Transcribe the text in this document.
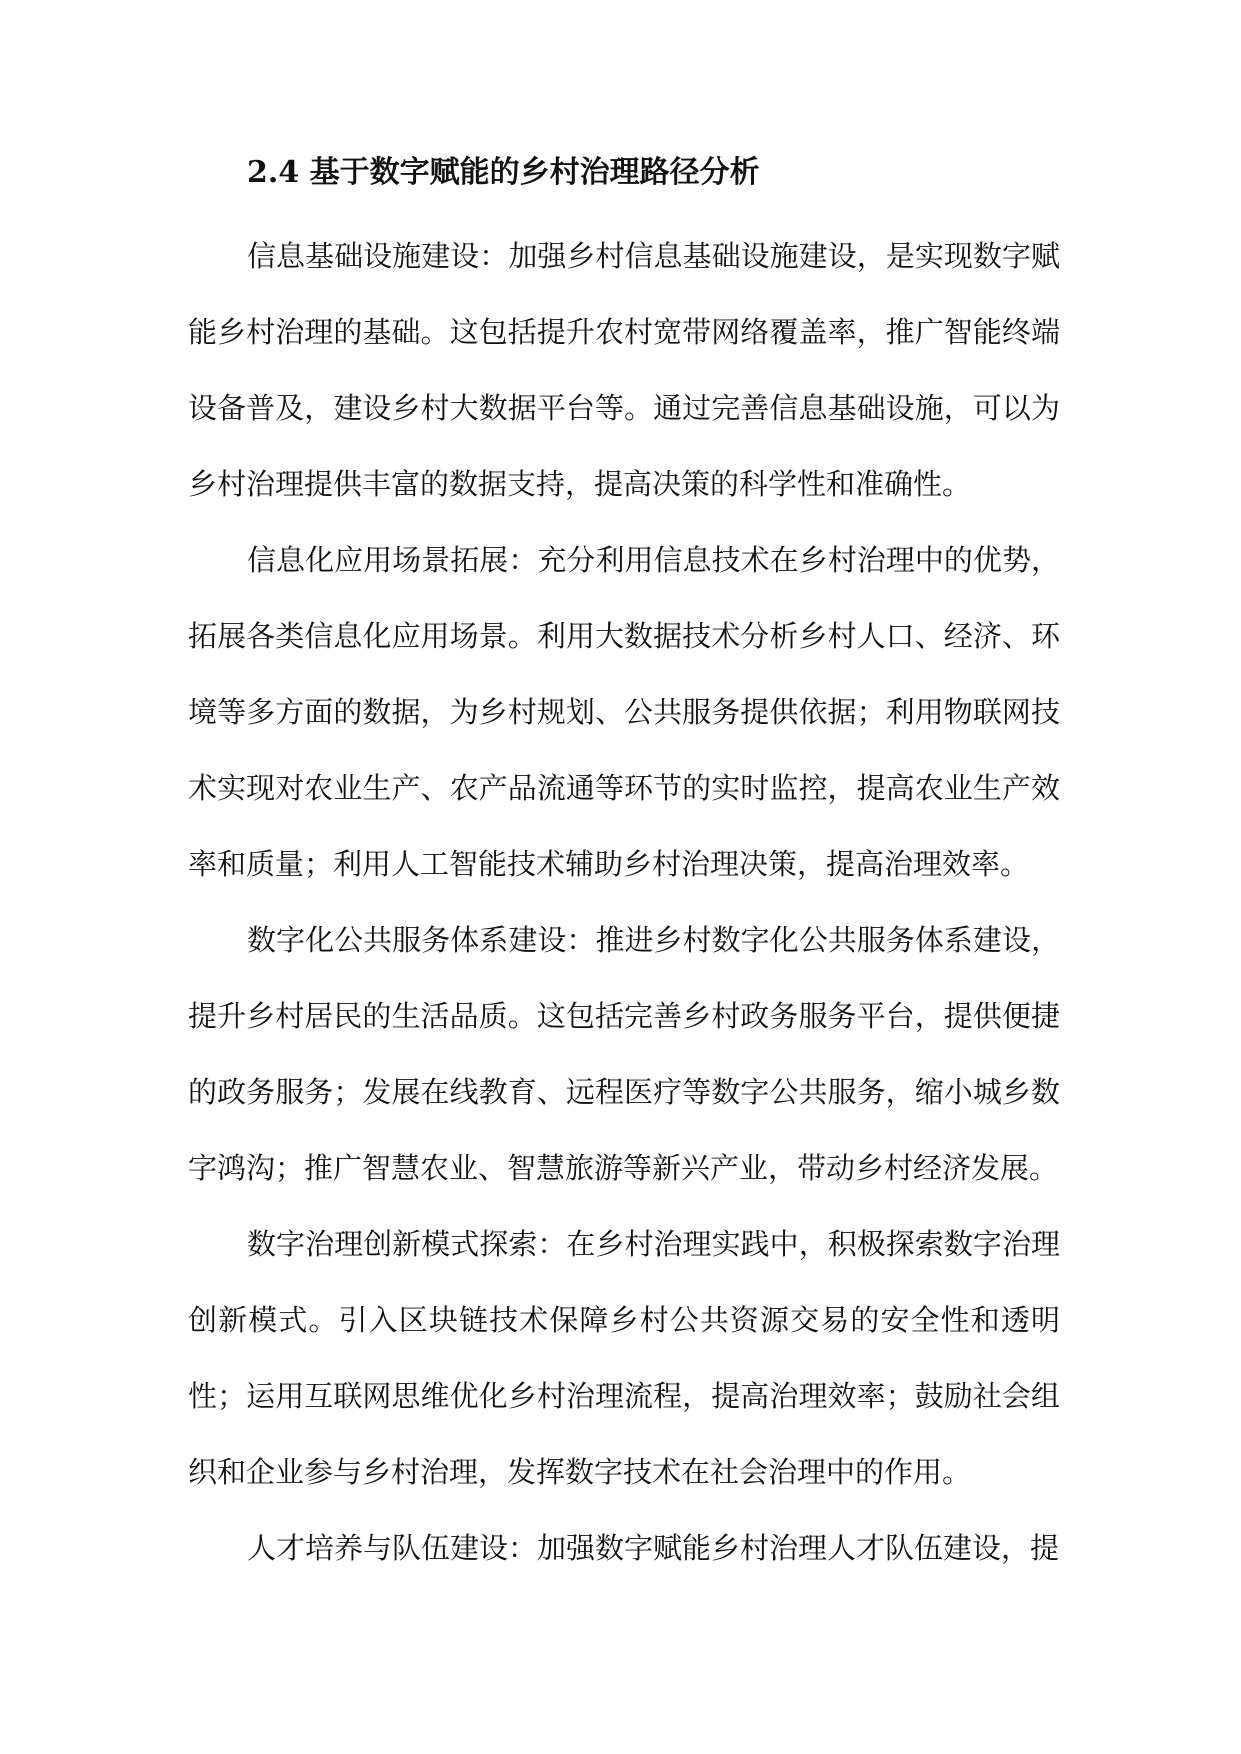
2.4 基于数字赋能的乡村治理路径分析

信息基础设施建设：加强乡村信息基础设施建设，是实现数字赋能乡村治理的基础。这包括提升农村宽带网络覆盖率，推广智能终端设备普及，建设乡村大数据平台等。通过完善信息基础设施，可以为乡村治理提供丰富的数据支持，提高决策的科学性和准确性。

信息化应用场景拓展：充分利用信息技术在乡村治理中的优势，拓展各类信息化应用场景。利用大数据技术分析乡村人口、经济、环境等多方面的数据，为乡村规划、公共服务提供依据；利用物联网技术实现对农业生产、农产品流通等环节的实时监控，提高农业生产效率和质量；利用人工智能技术辅助乡村治理决策，提高治理效率。

数字化公共服务体系建设：推进乡村数字化公共服务体系建设，提升乡村居民的生活品质。这包括完善乡村政务服务平台，提供便捷的政务服务；发展在线教育、远程医疗等数字公共服务，缩小城乡数字鸿沟；推广智慧农业、智慧旅游等新兴产业，带动乡村经济发展。

数字治理创新模式探索：在乡村治理实践中，积极探索数字治理创新模式。引入区块链技术保障乡村公共资源交易的安全性和透明性；运用互联网思维优化乡村治理流程，提高治理效率；鼓励社会组织和企业参与乡村治理，发挥数字技术在社会治理中的作用。

人才培养与队伍建设：加强数字赋能乡村治理人才队伍建设，提
